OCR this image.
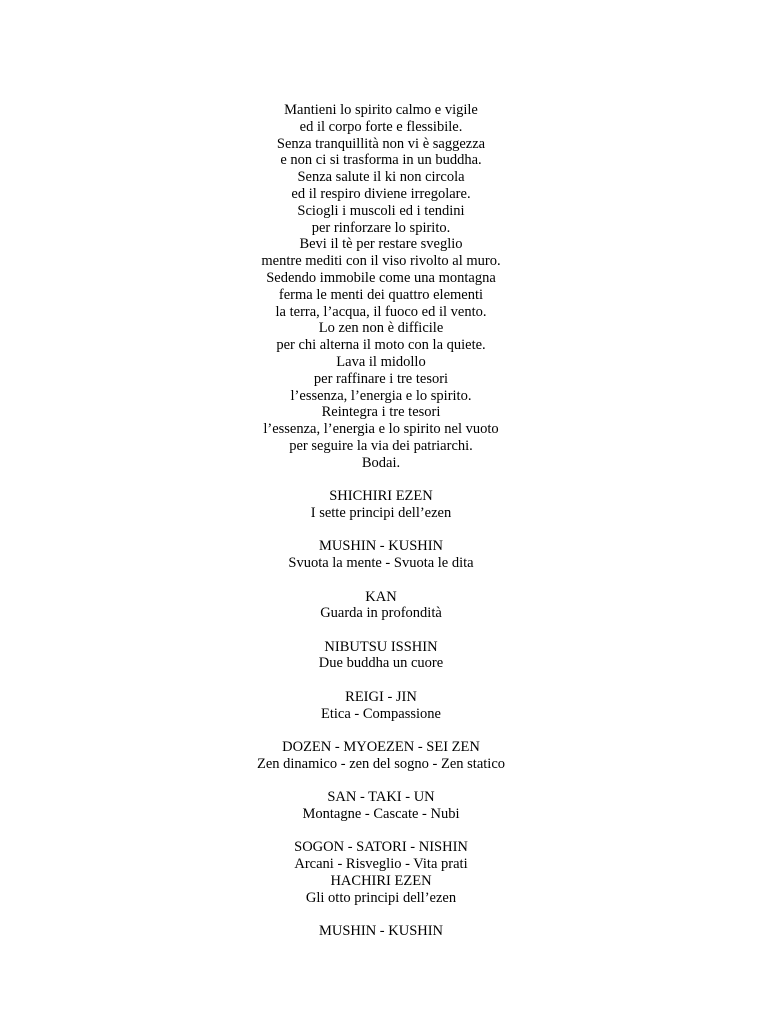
Mantieni lo spirito calmo e vigile
ed il corpo forte e flessibile.
Senza tranquillità non vi è saggezza
e non ci si trasforma in un buddha.
Senza salute il ki non circola
ed il respiro diviene irregolare.
Sciogli i muscoli ed i tendini
per rinforzare lo spirito.
Bevi il tè per restare sveglio
mentre mediti con il viso rivolto al muro.
Sedendo immobile come una montagna
ferma le menti dei quattro elementi
la terra, l’acqua, il fuoco ed il vento.
Lo zen non è difficile
per chi alterna il moto con la quiete.
Lava il midollo
per raffinare i tre tesori
l’essenza, l’energia e lo spirito.
Reintegra i tre tesori
l’essenza, l’energia e lo spirito nel vuoto
per seguire la via dei patriarchi.
Bodai.
SHICHIRI EZEN
I sette principi dell’ezen
MUSHIN - KUSHIN
Svuota la mente - Svuota le dita
KAN
Guarda in profondità
NIBUTSU ISSHIN
Due buddha un cuore
REIGI - JIN
Etica - Compassione
DOZEN - MYOEZEN - SEI ZEN
Zen dinamico - zen del sogno - Zen statico
SAN - TAKI - UN
Montagne - Cascate - Nubi
SOGON - SATORI - NISHIN
Arcani - Risveglio - Vita prati
HACHIRI EZEN
Gli otto principi dell’ezen
MUSHIN - KUSHIN
